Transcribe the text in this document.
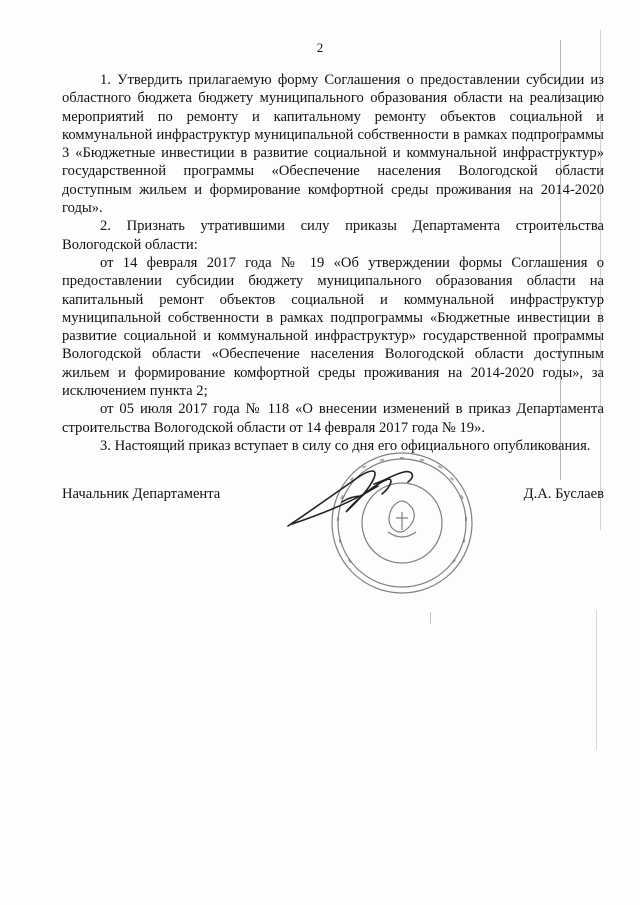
2

1. Утвердить прилагаемую форму Соглашения о предоставлении субсидии из областного бюджета бюджету муниципального образования области на реализацию мероприятий по ремонту и капитальному ремонту объектов социальной и коммунальной инфраструктур муниципальной собственности в рамках подпрограммы 3 «Бюджетные инвестиции в развитие социальной и коммунальной инфраструктур» государственной программы «Обеспечение населения Вологодской области доступным жильем и формирование комфортной среды проживания на 2014-2020 годы».

2. Признать утратившими силу приказы Департамента строительства Вологодской области:

от 14 февраля 2017 года № 19 «Об утверждении формы Соглашения о предоставлении субсидии бюджету муниципального образования области на капитальный ремонт объектов социальной и коммунальной инфраструктур муниципальной собственности в рамках подпрограммы «Бюджетные инвестиции в развитие социальной и коммунальной инфраструктур» государственной программы Вологодской области «Обеспечение населения Вологодской области доступным жильем и формирование комфортной среды проживания на 2014-2020 годы», за исключением пункта 2;

от 05 июля 2017 года № 118 «О внесении изменений в приказ Департамента строительства Вологодской области от 14 февраля 2017 года № 19».

3. Настоящий приказ вступает в силу со дня его официального опубликования.

Начальник Департамента	Д.А. Буслаев
